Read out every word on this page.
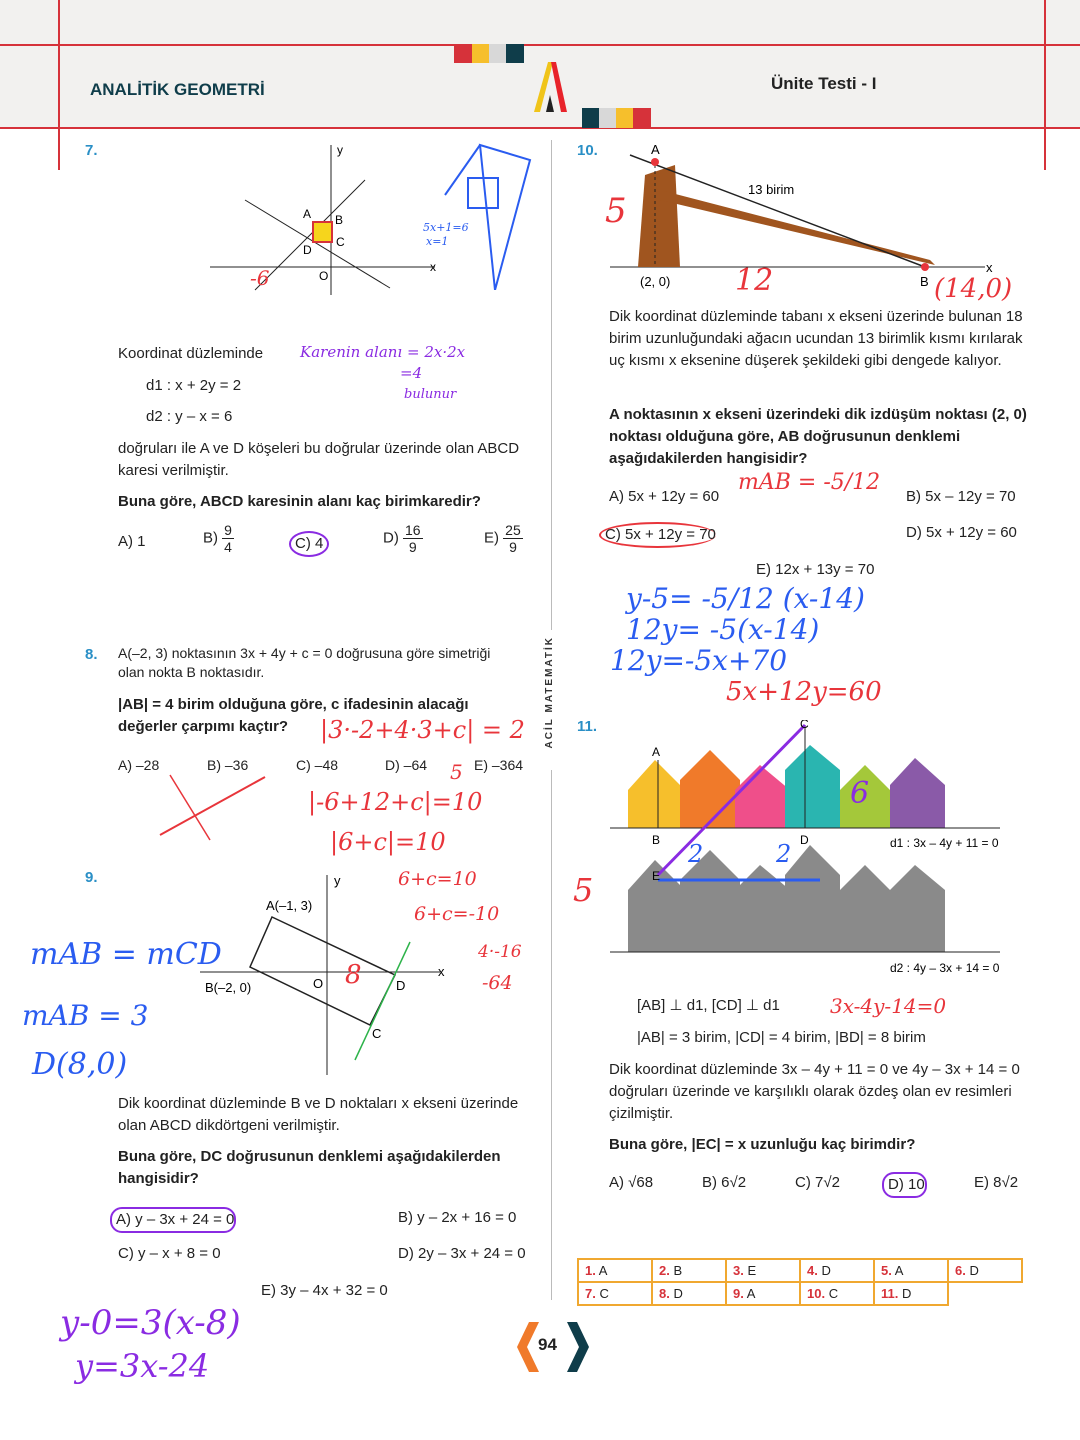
ANALİTİK GEOMETRİ	Ünite Testi - I
ACİL MATEMATİK
7.
A B
C
D
O
y
x
-6
5x+1=6
x=1
Koordinat düzleminde Karenin alanı = 2x·2x
=4
bulunur
d1 : x + 2y = 2
d2 : y – x = 6
doğruları ile A ve D köşeleri bu doğrular üzerinde olan ABCD karesi verilmiştir.
Buna göre, ABCD karesinin alanı kaç birimkaredir?
A) 1	$B) \frac{9}{4}$	C) 4	$D) \frac{16}{9}$	$E) \frac{25}{9}$
8. A(–2, 3) noktasının 3x + 4y + c = 0 doğrusuna göre simetriği olan nokta B noktasıdır.
|AB| = 4 birim olduğuna göre, c ifadesinin alacağı değerler çarpımı kaçtır?	|3·-2+4·3+c| = 2
A) –28	B) –36	C) –48	D) –64	E) –364
5
|-6+12+c|=10
|6+c|=10
6+c=10
6+c=-10
4·-16
-64
9.
A(–1, 3)
B(–2, 0)	D
C
O
y
x
8
mAB = mCD
mAB = 3
D(8,0)
Dik koordinat düzleminde B ve D noktaları x ekseni üzerinde olan ABCD dikdörtgeni verilmiştir.
Buna göre, DC doğrusunun denklemi aşağıdakilerden hangisidir?
A) y – 3x + 24 = 0	B) y – 2x + 16 = 0
C) y – x + 8 = 0	D) 2y – 3x + 24 = 0
E) 3y – 4x + 32 = 0
y-0=3(x-8)
y=3x-24
10.	A
B
13 birim
(2, 0)
x
5
12	(14,0)
Dik koordinat düzleminde tabanı x ekseni üzerinde bulunan 18 birim uzunluğundaki ağacın ucundan 13 birimlik kısmı kırılarak uç kısmı x eksenine düşerek şekildeki gibi dengede kalıyor.
A noktasının x ekseni üzerindeki dik izdüşüm noktası (2, 0) noktası olduğuna göre, AB doğrusunun denklemi aşağıdakilerden hangisidir?
mAB = -5/12
A) 5x + 12y = 60	B) 5x – 12y = 70
C) 5x + 12y = 70	D) 5x + 12y = 60
E) 12x + 13y = 70
y-5= -5/12 (x-14)
12y= -5(x-14)
12y=-5x+70
5x+12y=60
11.
A
B
C
D
E
d1 : 3x – 4y + 11 = 0
d2 : 4y – 3x + 14 = 0
5
6
2	2
[AB] ⊥ d1, [CD] ⊥ d1	3x-4y-14=0
|AB| = 3 birim, |CD| = 4 birim, |BD| = 8 birim
Dik koordinat düzleminde 3x – 4y + 11 = 0 ve 4y – 3x + 14 = 0 doğruları üzerinde ve karşılıklı olarak özdeş olan ev resimleri çizilmiştir.
Buna göre, |EC| = x uzunluğu kaç birimdir?
A) √68	B) 6√2	C) 7√2	D) 10	E) 8√2
1. A	2. B	3. E	4. D	5. A	6. D
7. C	8. D	9. A	10. C	11. D	
94
